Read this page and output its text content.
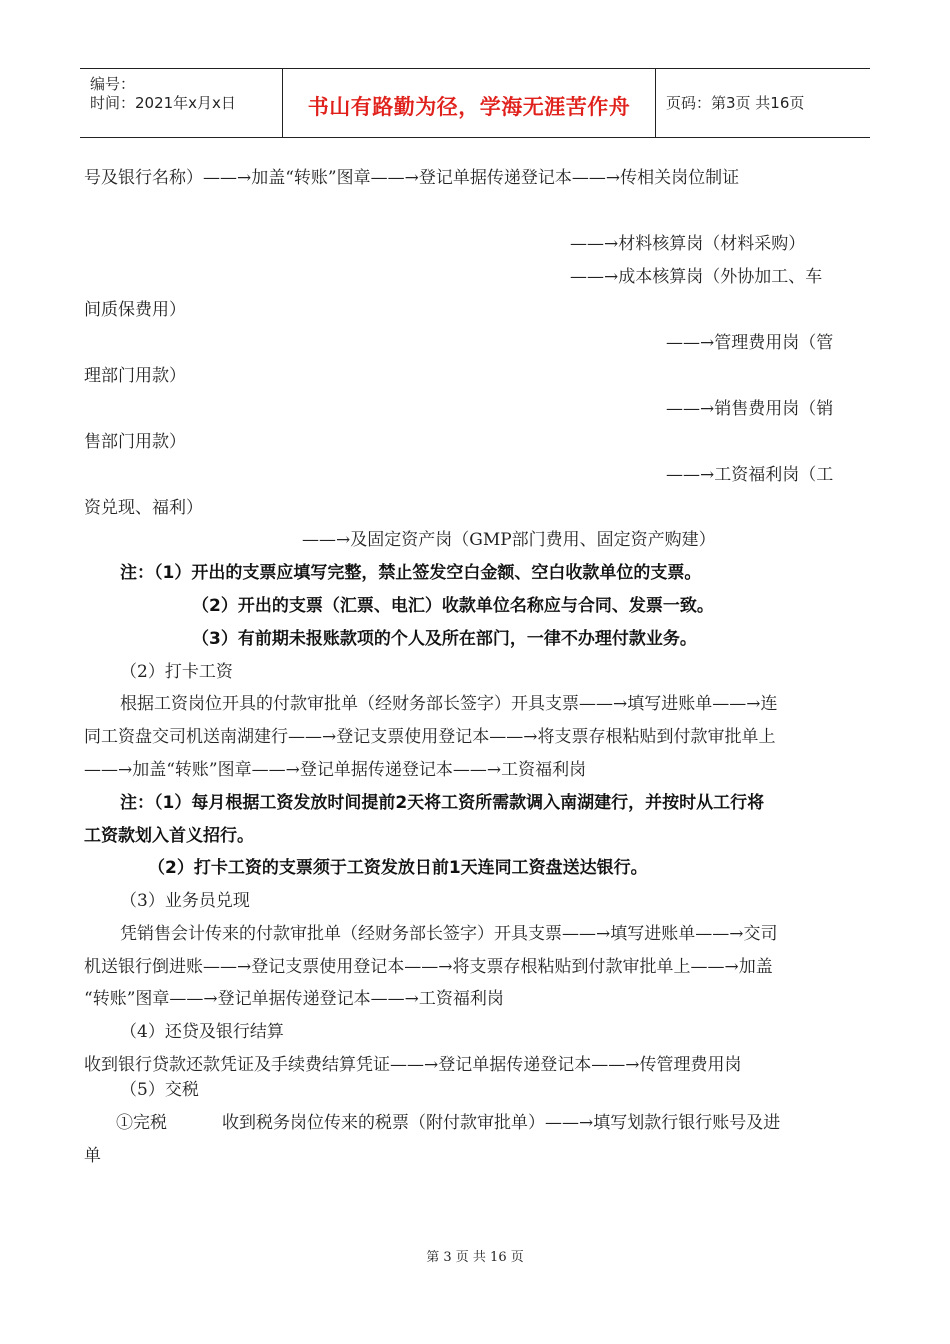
编号：
时间：2021年x月x日	书山有路勤为径，学海无涯苦作舟	页码：第3页 共16页
号及银行名称）——→加盖“转账”图章——→登记单据传递登记本——→传相关岗位制证
——→材料核算岗（材料采购）
——→成本核算岗（外协加工、车
间质保费用）
——→管理费用岗（管
理部门用款）
——→销售费用岗（销
售部门用款）
——→工资福利岗（工
资兑现、福利）
——→及固定资产岗（GMP部门费用、固定资产购建）
注：（1）开出的支票应填写完整，禁止签发空白金额、空白收款单位的支票。
（2）开出的支票（汇票、电汇）收款单位名称应与合同、发票一致。
（3）有前期未报账款项的个人及所在部门，一律不办理付款业务。
（2）打卡工资
根据工资岗位开具的付款审批单（经财务部长签字）开具支票——→填写进账单——→连
同工资盘交司机送南湖建行——→登记支票使用登记本——→将支票存根粘贴到付款审批单上
——→加盖“转账”图章——→登记单据传递登记本——→工资福利岗
注：（1）每月根据工资发放时间提前2天将工资所需款调入南湖建行，并按时从工行将
工资款划入首义招行。
（2）打卡工资的支票须于工资发放日前1天连同工资盘送达银行。
（3）业务员兑现
凭销售会计传来的付款审批单（经财务部长签字）开具支票——→填写进账单——→交司
机送银行倒进账——→登记支票使用登记本——→将支票存根粘贴到付款审批单上——→加盖
“转账”图章——→登记单据传递登记本——→工资福利岗
（4）还贷及银行结算
收到银行贷款还款凭证及手续费结算凭证——→登记单据传递登记本——→传管理费用岗
（5）交税
①完税	收到税务岗位传来的税票（附付款审批单）——→填写划款行银行账号及进
单
第 3 页 共 16 页
